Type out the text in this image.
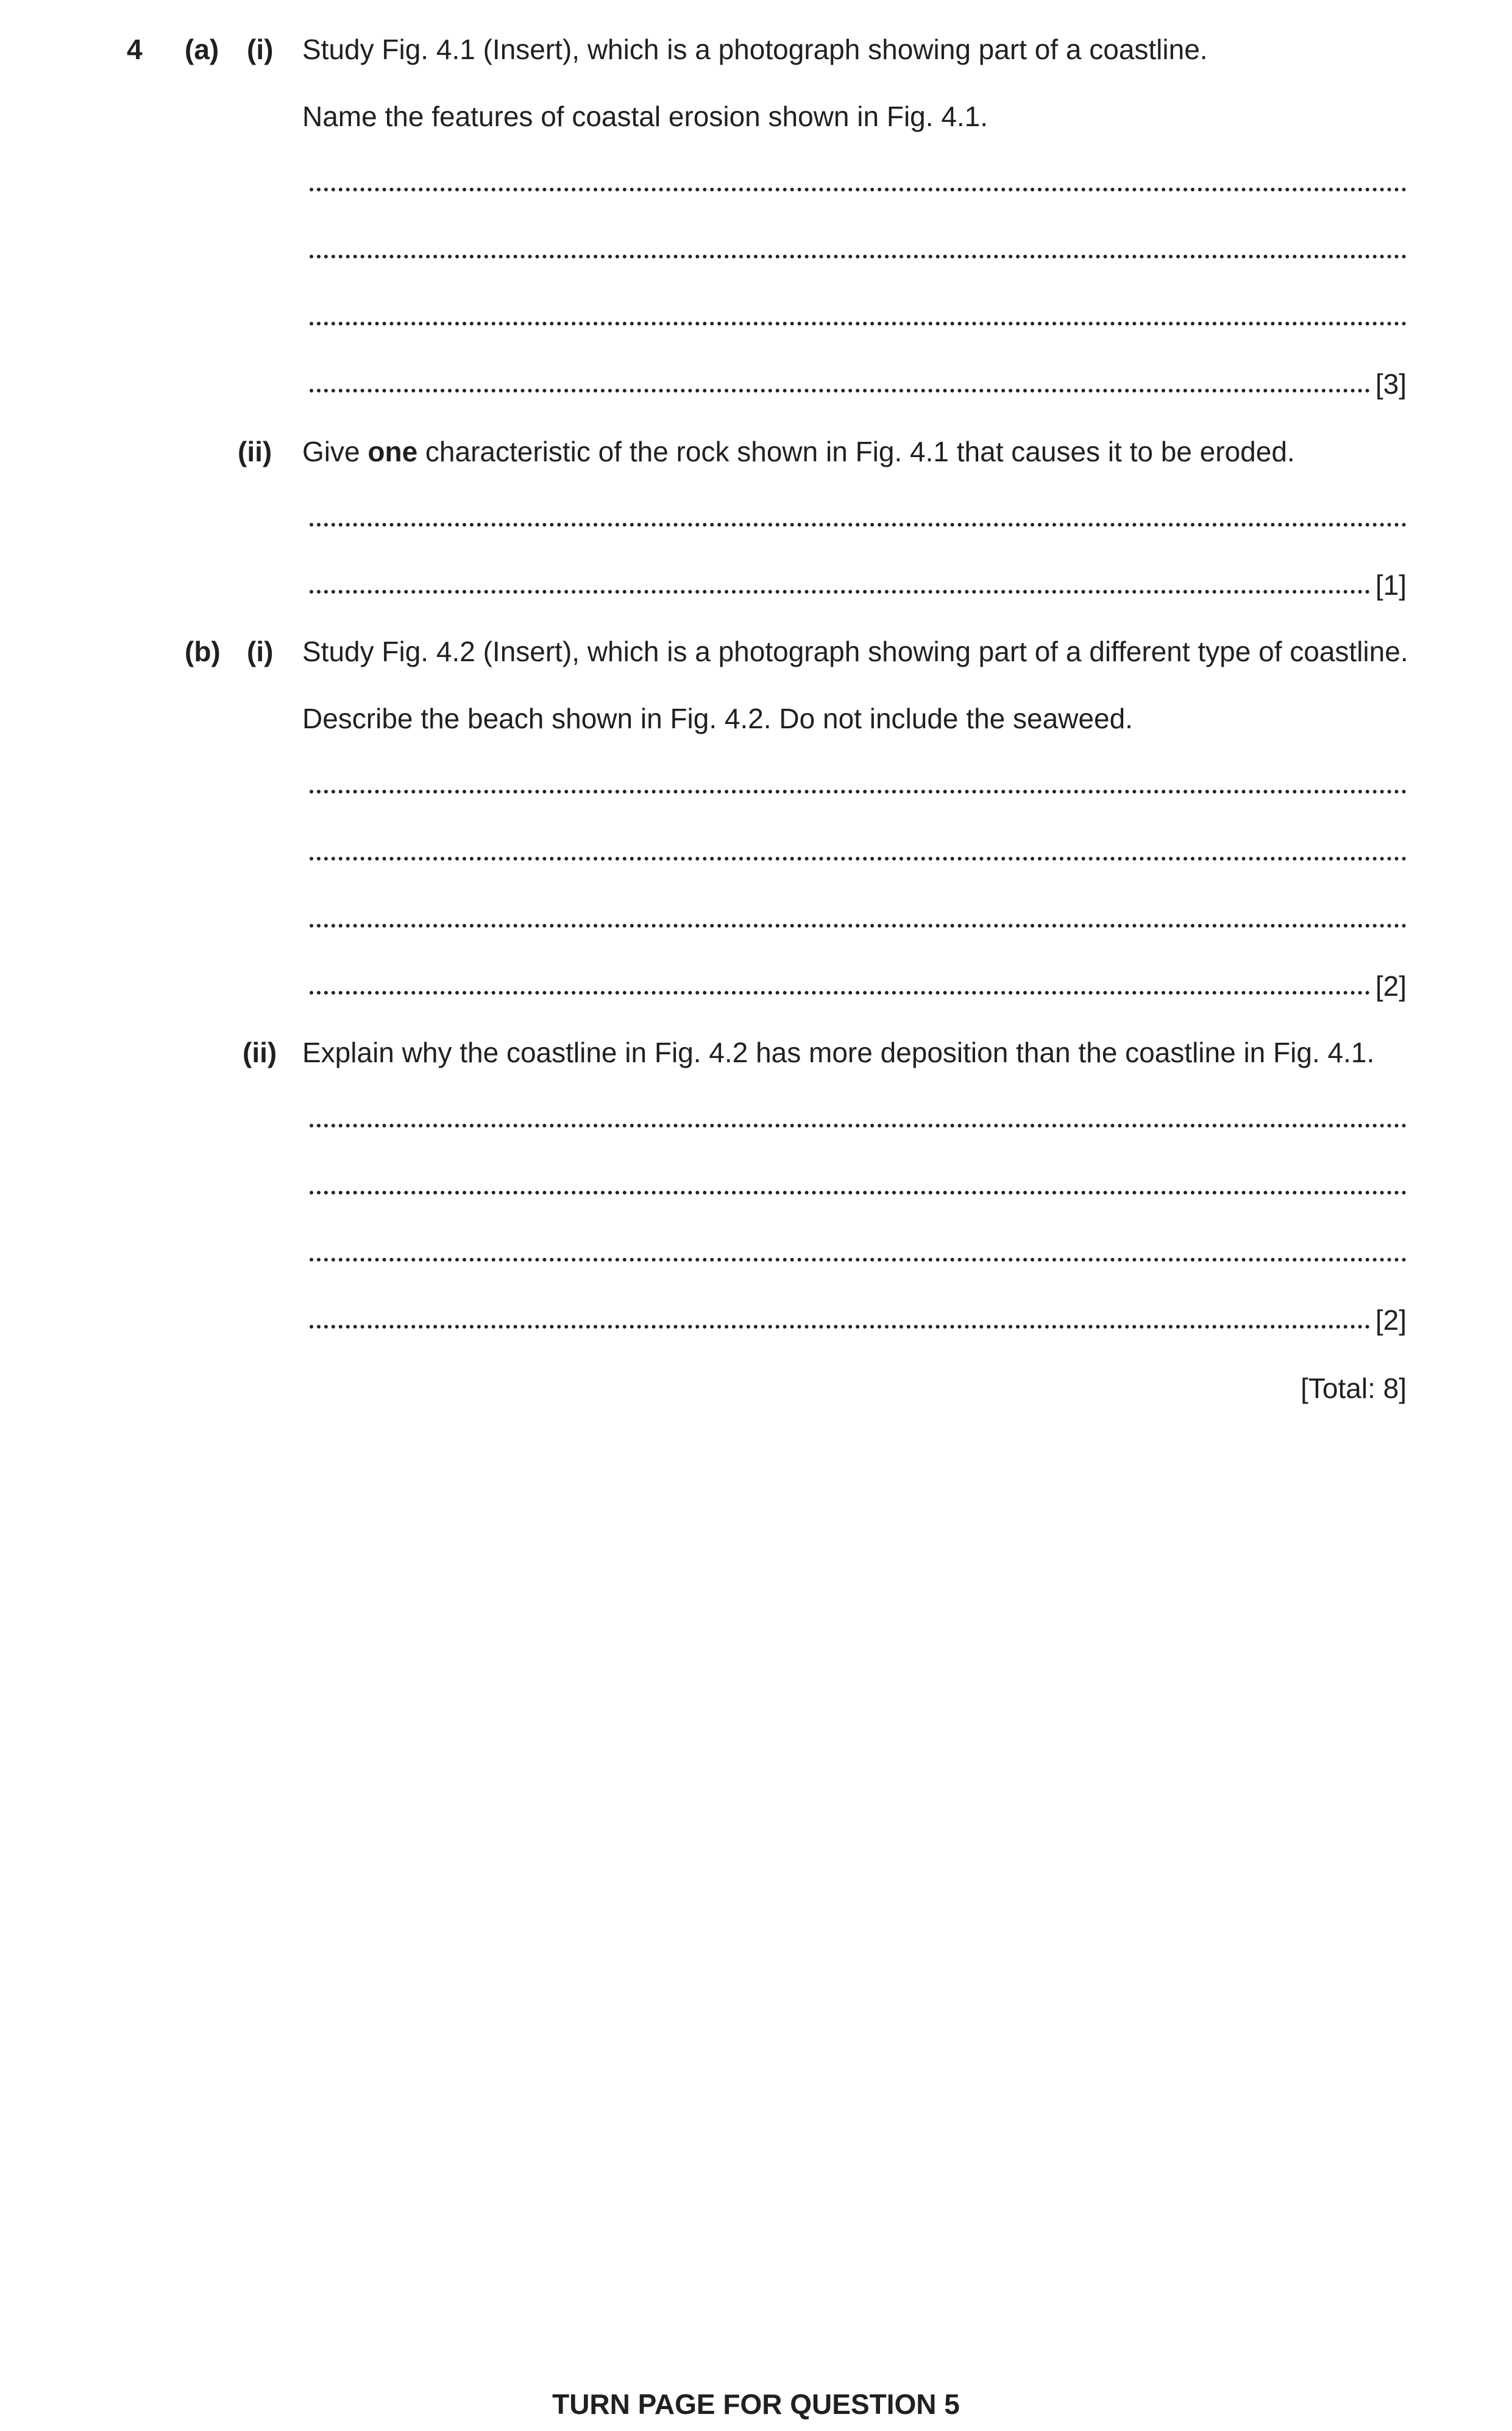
4 (a) (i) Study Fig. 4.1 (Insert), which is a photograph showing part of a coastline.
Name the features of coastal erosion shown in Fig. 4.1.
[3]
(ii) Give one characteristic of the rock shown in Fig. 4.1 that causes it to be eroded.
[1]
(b) (i) Study Fig. 4.2 (Insert), which is a photograph showing part of a different type of coastline.
Describe the beach shown in Fig. 4.2. Do not include the seaweed.
[2]
(ii) Explain why the coastline in Fig. 4.2 has more deposition than the coastline in Fig. 4.1.
[2]
[Total: 8]
TURN PAGE FOR QUESTION 5
